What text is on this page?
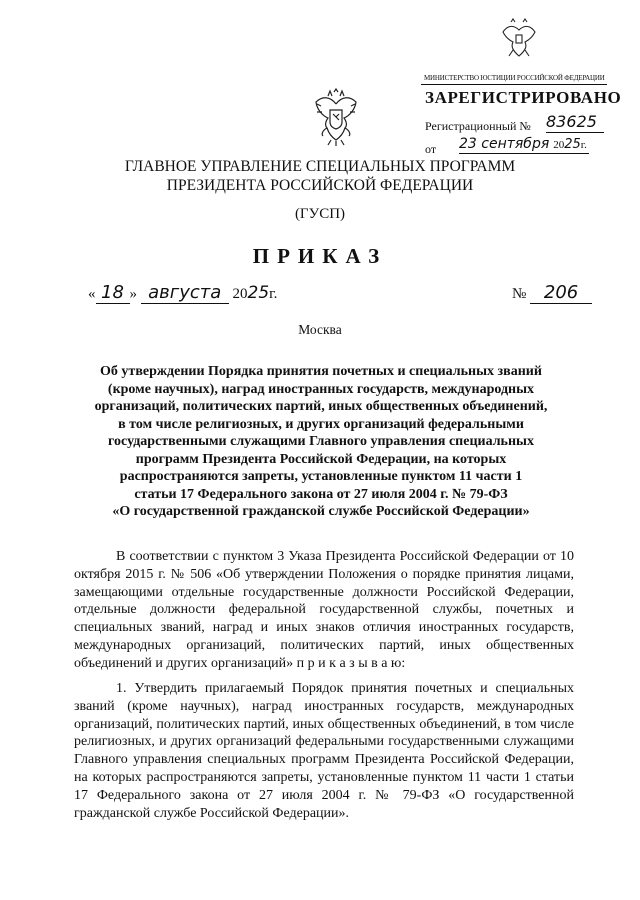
МИНИСТЕРСТВО ЮСТИЦИИ РОССИЙСКОЙ ФЕДЕРАЦИИ
ЗАРЕГИСТРИРОВАНО
Регистрационный № 83625
от 23 сентября 2025г.
ГЛАВНОЕ УПРАВЛЕНИЕ СПЕЦИАЛЬНЫХ ПРОГРАММ
ПРЕЗИДЕНТА РОССИЙСКОЙ ФЕДЕРАЦИИ
(ГУСП)
ПРИКАЗ
« 18 » августа 2025г.	№ 206
Москва
Об утверждении Порядка принятия почетных и специальных званий
(кроме научных), наград иностранных государств, международных
организаций, политических партий, иных общественных объединений,
в том числе религиозных, и других организаций федеральными
государственными служащими Главного управления специальных
программ Президента Российской Федерации, на которых
распространяются запреты, установленные пунктом 11 части 1
статьи 17 Федерального закона от 27 июля 2004 г. № 79-ФЗ
«О государственной гражданской службе Российской Федерации»
В соответствии с пунктом 3 Указа Президента Российской Федерации от 10 октября 2015 г. № 506 «Об утверждении Положения о порядке принятия лицами, замещающими отдельные государственные должности Российской Федерации, отдельные должности федеральной государственной службы, почетных и специальных званий, наград и иных знаков отличия иностранных государств, международных организаций, политических партий, иных общественных объединений и других организаций» п р и к а з ы в а ю:
1. Утвердить прилагаемый Порядок принятия почетных и специальных званий (кроме научных), наград иностранных государств, международных организаций, политических партий, иных общественных объединений, в том числе религиозных, и других организаций федеральными государственными служащими Главного управления специальных программ Президента Российской Федерации, на которых распространяются запреты, установленные пунктом 11 части 1 статьи 17 Федерального закона от 27 июля 2004 г. № 79-ФЗ «О государственной гражданской службе Российской Федерации».
